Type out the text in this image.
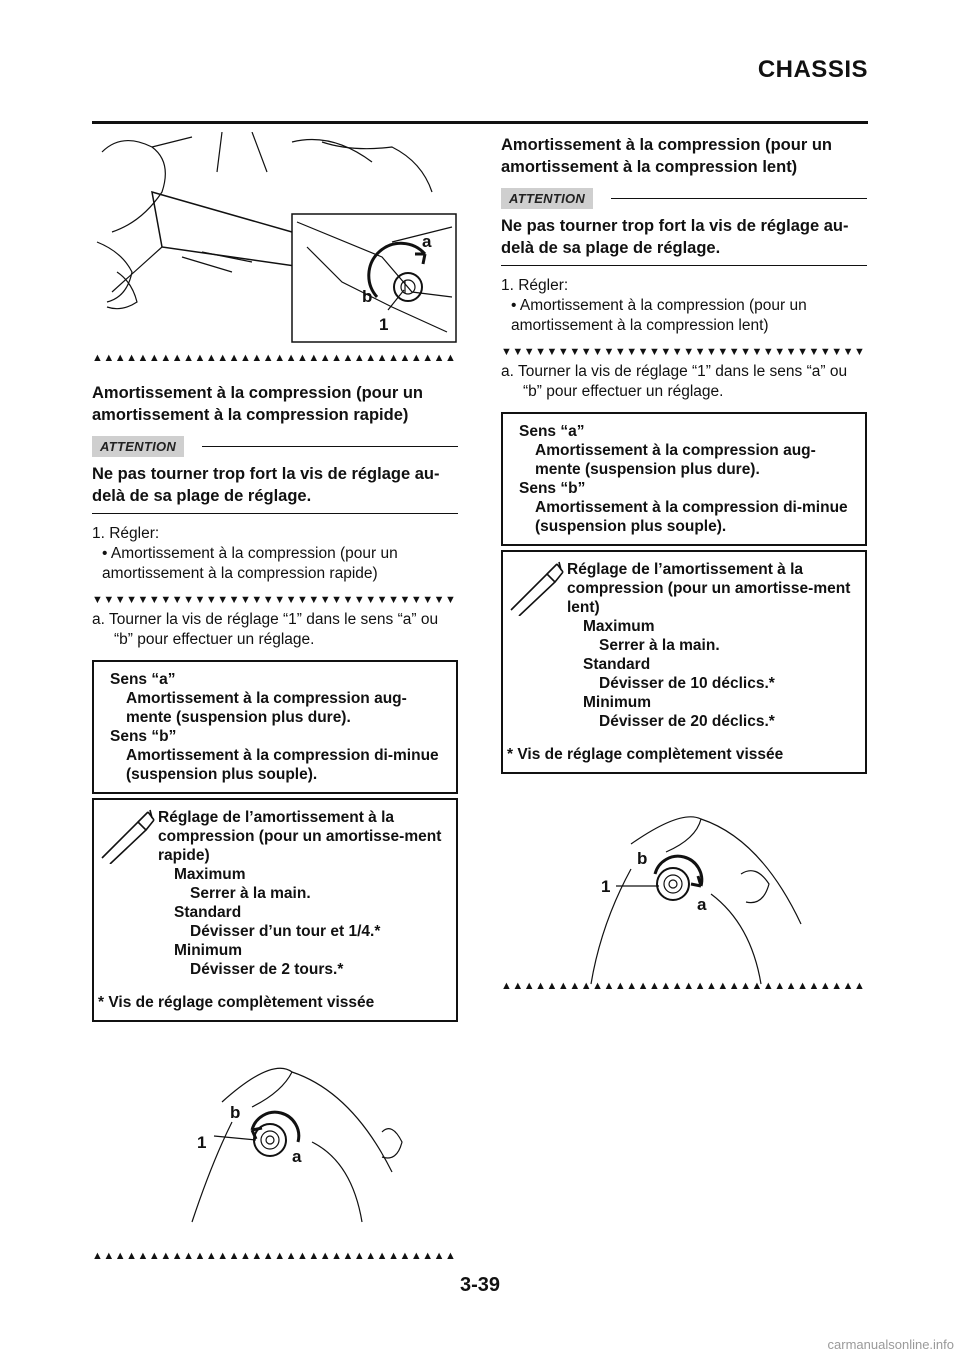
CHASSIS
a
b
1
▲▲▲▲▲▲▲▲▲▲▲▲▲▲▲▲▲▲▲▲▲▲▲▲▲▲▲▲▲▲▲▲
Amortissement à la compression (pour un amortissement à la compression rapide)
ATTENTION
Ne pas tourner trop fort la vis de réglage au-delà de sa plage de réglage.
1. Régler:
• Amortissement à la compression (pour un amortissement à la compression rapide)
▼▼▼▼▼▼▼▼▼▼▼▼▼▼▼▼▼▼▼▼▼▼▼▼▼▼▼▼▼▼▼▼
a. Tourner la vis de réglage “1” dans le sens “a” ou “b” pour effectuer un réglage.
Sens “a”
Amortissement à la compression aug-mente (suspension plus dure).
Sens “b”
Amortissement à la compression di-minue (suspension plus souple).
Réglage de l’amortissement à la compression (pour un amortisse-ment rapide)
Maximum
Serrer à la main.
Standard
Dévisser d’un tour et 1/4.*
Minimum
Dévisser de 2 tours.*
* Vis de réglage complètement vissée
b
1
a
▲▲▲▲▲▲▲▲▲▲▲▲▲▲▲▲▲▲▲▲▲▲▲▲▲▲▲▲▲▲▲▲
Amortissement à la compression (pour un amortissement à la compression lent)
ATTENTION
Ne pas tourner trop fort la vis de réglage au-delà de sa plage de réglage.
1. Régler:
• Amortissement à la compression (pour un amortissement à la compression lent)
▼▼▼▼▼▼▼▼▼▼▼▼▼▼▼▼▼▼▼▼▼▼▼▼▼▼▼▼▼▼▼▼
a. Tourner la vis de réglage “1” dans le sens “a” ou “b” pour effectuer un réglage.
Sens “a”
Amortissement à la compression aug-mente (suspension plus dure).
Sens “b”
Amortissement à la compression di-minue (suspension plus souple).
Réglage de l’amortissement à la compression (pour un amortisse-ment lent)
Maximum
Serrer à la main.
Standard
Dévisser de 10 déclics.*
Minimum
Dévisser de 20 déclics.*
* Vis de réglage complètement vissée
b
1
a
▲▲▲▲▲▲▲▲▲▲▲▲▲▲▲▲▲▲▲▲▲▲▲▲▲▲▲▲▲▲▲▲
3-39
carmanualsonline.info
